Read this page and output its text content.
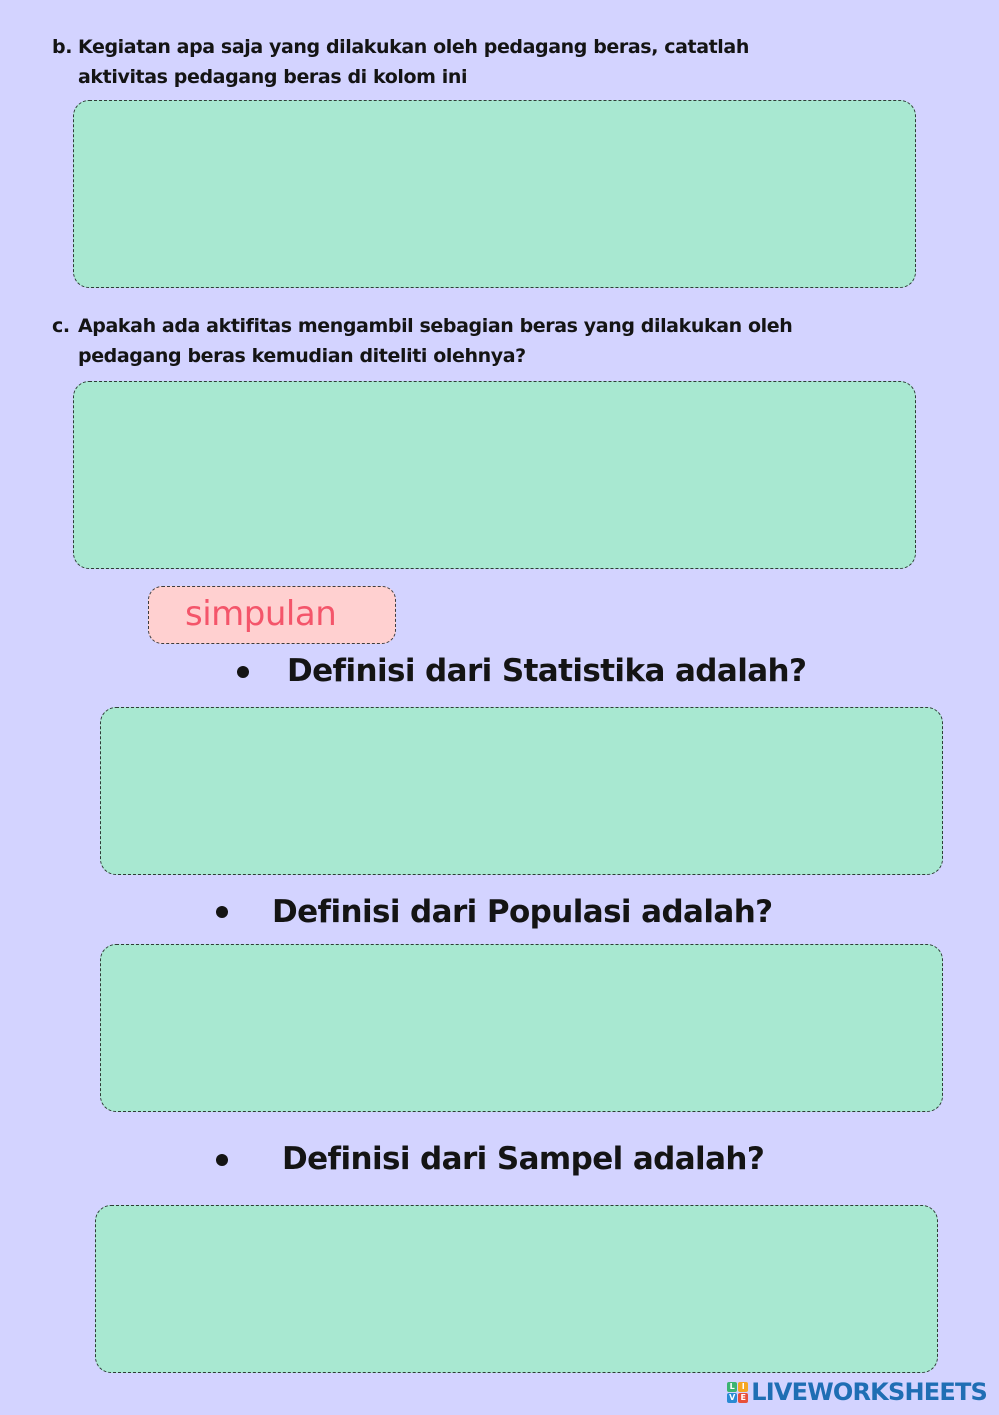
b. Kegiatan apa saja yang dilakukan oleh pedagang beras, catatlah
aktivitas pedagang beras di kolom ini
c. Apakah ada aktifitas mengambil sebagian beras yang dilakukan oleh
pedagang beras kemudian diteliti olehnya?
simpulan
Definisi dari Statistika adalah?
Definisi dari Populasi adalah?
Definisi dari Sampel adalah?
L I
V E LIVEWORKSHEETS
